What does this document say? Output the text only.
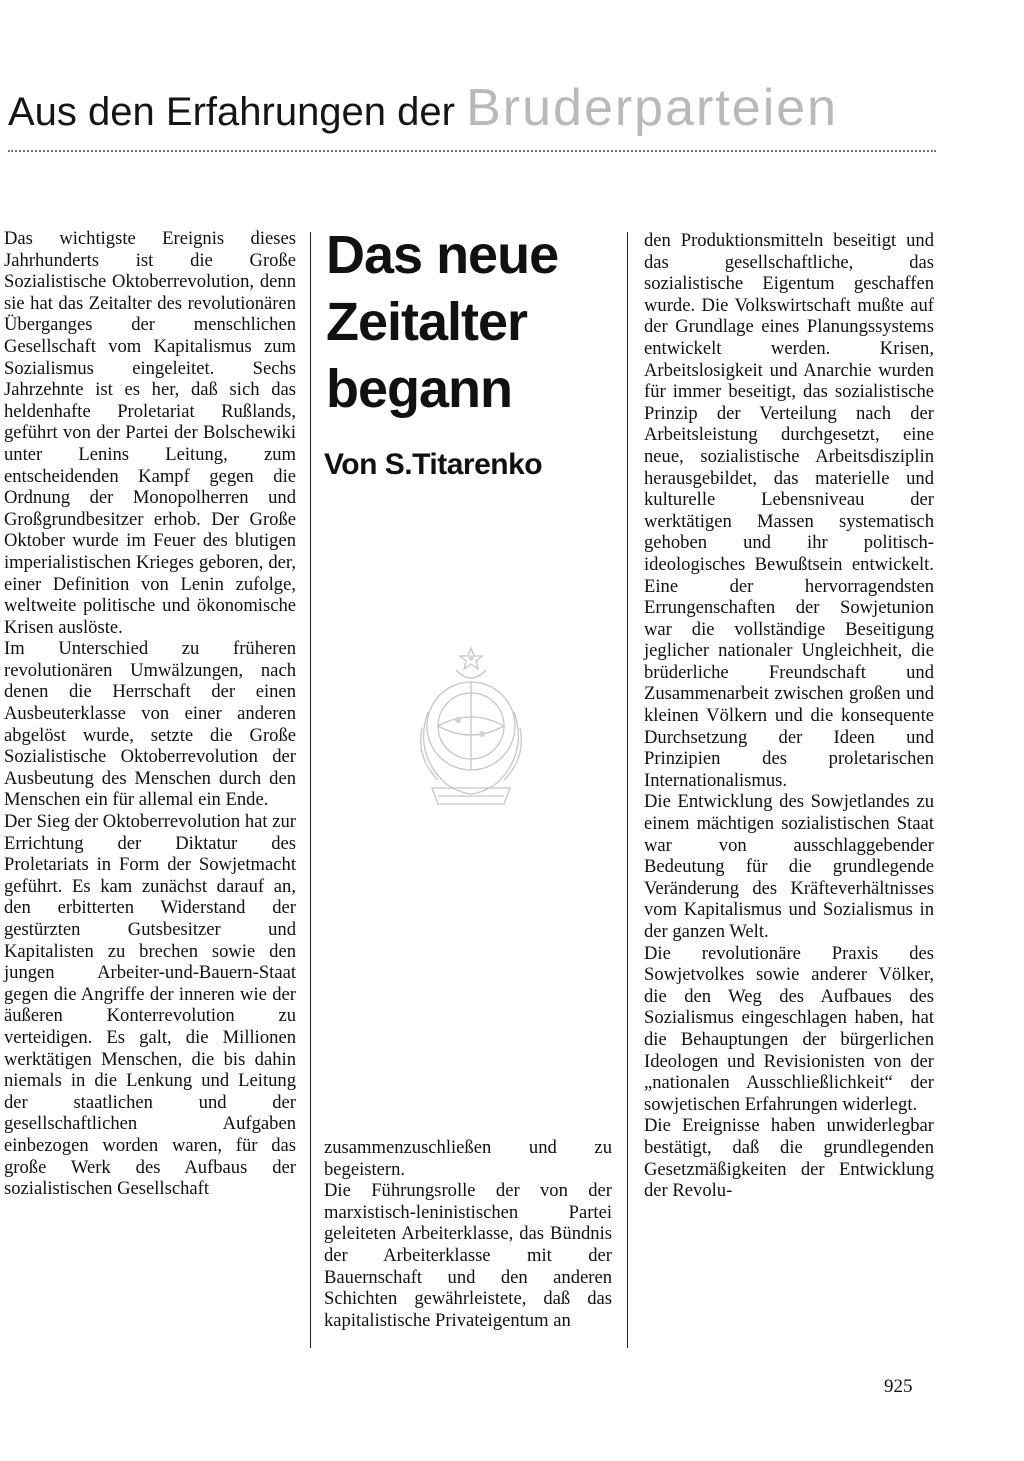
Aus den Erfahrungen der Bruderparteien

Das wichtigste Ereignis dieses Jahrhunderts ist die Große Sozialistische Oktoberrevolution, denn sie hat das Zeitalter des revolutionären Überganges der menschlichen Gesellschaft vom Kapitalismus zum Sozialismus eingeleitet. Sechs Jahrzehnte ist es her, daß sich das heldenhafte Proletariat Rußlands, geführt von der Partei der Bolschewiki unter Lenins Leitung, zum entscheidenden Kampf gegen die Ordnung der Monopolherren und Großgrundbesitzer erhob. Der Große Oktober wurde im Feuer des blutigen imperialistischen Krieges geboren, der, einer Definition von Lenin zufolge, weltweite politische und ökonomische Krisen auslöste.

Im Unterschied zu früheren revolutionären Umwälzungen, nach denen die Herrschaft der einen Ausbeuterklasse von einer anderen abgelöst wurde, setzte die Große Sozialistische Oktoberrevolution der Ausbeutung des Menschen durch den Menschen ein für allemal ein Ende.

Der Sieg der Oktoberrevolution hat zur Errichtung der Diktatur des Proletariats in Form der Sowjetmacht geführt. Es kam zunächst darauf an, den erbitterten Widerstand der gestürzten Gutsbesitzer und Kapitalisten zu brechen sowie den jungen Arbeiter-und-Bauern-Staat gegen die Angriffe der inneren wie der äußeren Konterrevolution zu verteidigen. Es galt, die Millionen werktätigen Menschen, die bis dahin niemals in die Lenkung und Leitung der staatlichen und der gesellschaftlichen Aufgaben einbezogen worden waren, für das große Werk des Aufbaus der sozialistischen Gesellschaft

Das neue Zeitalter begann
Von S.Titarenko

zusammenzuschließen und zu begeistern.

Die Führungsrolle der von der marxistisch-leninistischen Partei geleiteten Arbeiterklasse, das Bündnis der Arbeiterklasse mit der Bauernschaft und den anderen Schichten gewährleistete, daß das kapitalistische Privateigentum an

den Produktionsmitteln beseitigt und das gesellschaftliche, das sozialistische Eigentum geschaffen wurde. Die Volkswirtschaft mußte auf der Grundlage eines Planungssystems entwickelt werden. Krisen, Arbeitslosigkeit und Anarchie wurden für immer beseitigt, das sozialistische Prinzip der Verteilung nach der Arbeitsleistung durchgesetzt, eine neue, sozialistische Arbeitsdisziplin herausgebildet, das materielle und kulturelle Lebensniveau der werktätigen Massen systematisch gehoben und ihr politisch-ideologisches Bewußtsein entwickelt. Eine der hervorragendsten Errungenschaften der Sowjetunion war die vollständige Beseitigung jeglicher nationaler Ungleichheit, die brüderliche Freundschaft und Zusammenarbeit zwischen großen und kleinen Völkern und die konsequente Durchsetzung der Ideen und Prinzipien des proletarischen Internationalismus.

Die Entwicklung des Sowjetlandes zu einem mächtigen sozialistischen Staat war von ausschlaggebender Bedeutung für die grundlegende Veränderung des Kräfteverhältnisses vom Kapitalismus und Sozialismus in der ganzen Welt.

Die revolutionäre Praxis des Sowjetvolkes sowie anderer Völker, die den Weg des Aufbaues des Sozialismus eingeschlagen haben, hat die Behauptungen der bürgerlichen Ideologen und Revisionisten von der „nationalen Ausschließlichkeit“ der sowjetischen Erfahrungen widerlegt.

Die Ereignisse haben unwiderlegbar bestätigt, daß die grundlegenden Gesetzmäßigkeiten der Entwicklung der Revolu-

925
